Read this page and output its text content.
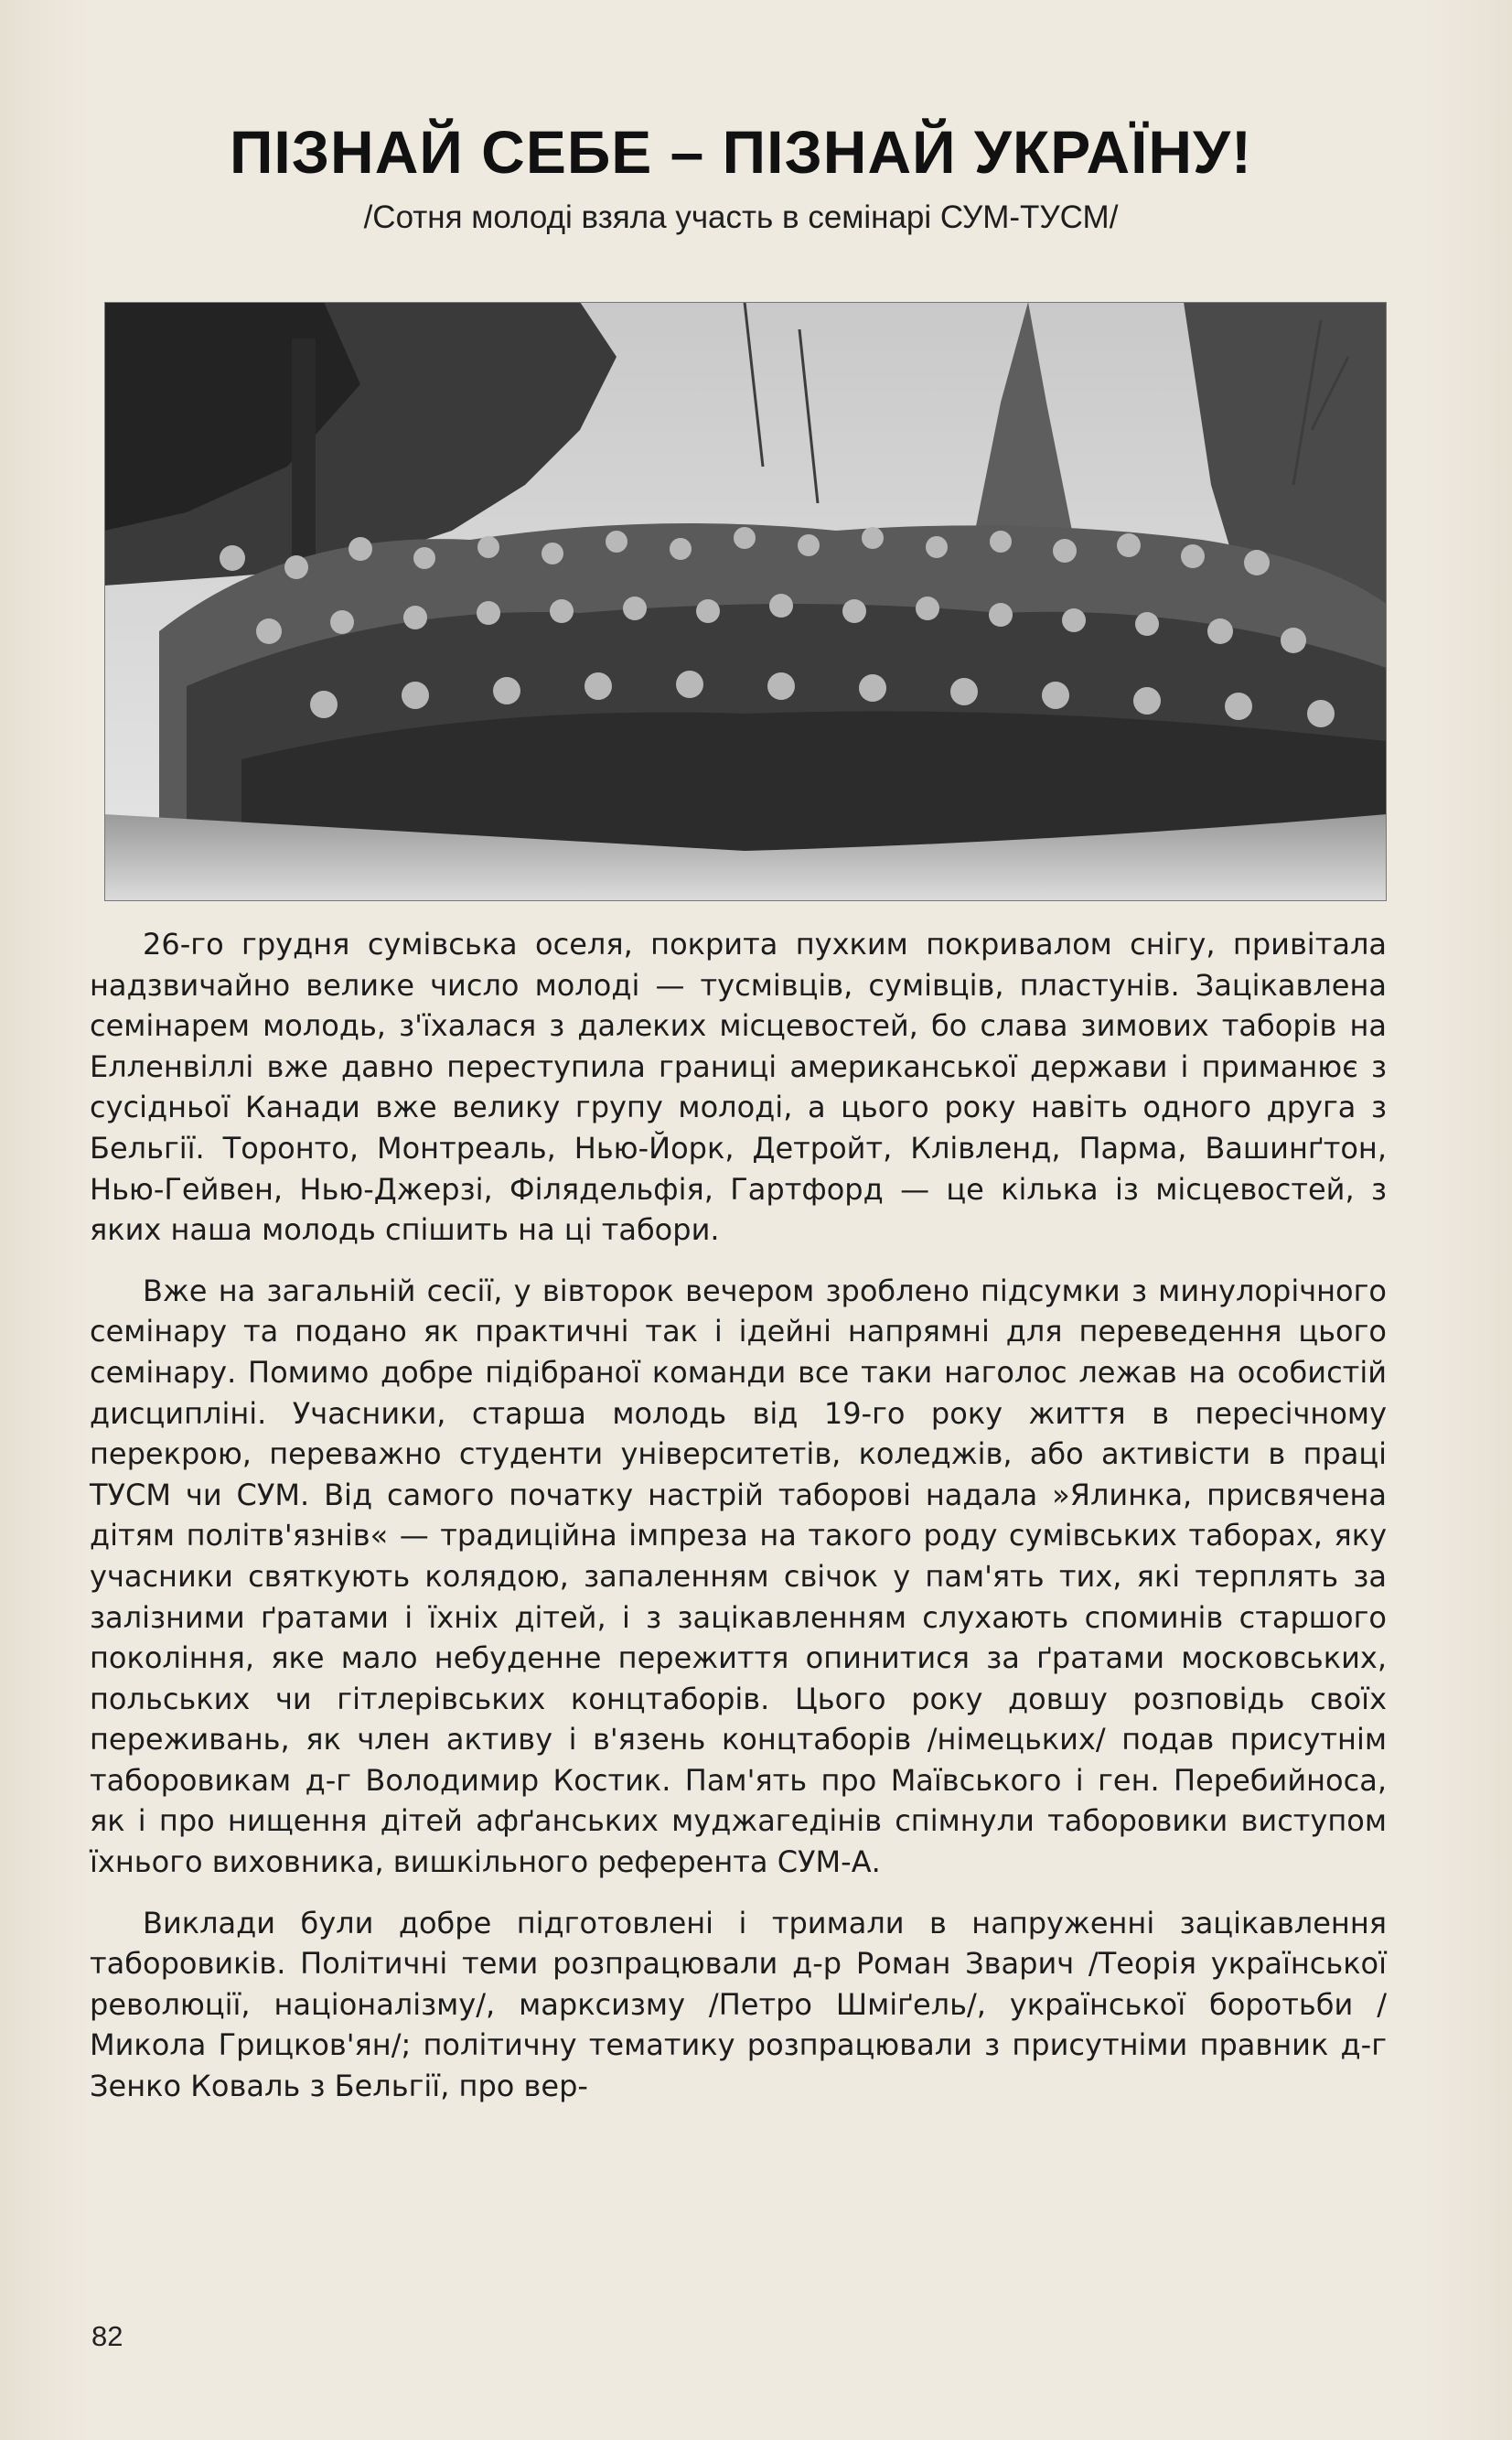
ПІЗНАЙ СЕБЕ – ПІЗНАЙ УКРАЇНУ!
/Сотня молоді взяла участь в семінарі СУМ-ТУСМ/

26-го грудня сумівська оселя, покрита пухким покривалом снігу, привітала надзвичайно велике число молоді — тусмівців, сумівців, пластунів. Зацікавлена семінарем молодь, з'їхалася з далеких місцевостей, бо слава зимових таборів на Елленвіллі вже давно переступила границі американської держави і приманює з сусідньої Канади вже велику групу молоді, а цього року навіть одного друга з Бельгії. Торонто, Монтреаль, Нью-Йорк, Детройт, Клівленд, Парма, Вашинґтон, Нью-Гейвен, Нью-Джерзі, Філядельфія, Гартфорд — це кілька із місцевостей, з яких наша молодь спішить на ці табори.

Вже на загальній сесії, у вівторок вечером зроблено підсумки з минулорічного семінару та подано як практичні так і ідейні напрямні для переведення цього семінару. Помимо добре підібраної команди все таки наголос лежав на особистій дисципліні. Учасники, старша молодь від 19-го року життя в пересічному перекрою, переважно студенти університетів, коледжів, або активісти в праці ТУСМ чи СУМ. Від самого початку настрій таборові надала »Ялинка, присвячена дітям політв'язнів« — традиційна імпреза на такого роду сумівських таборах, яку учасники святкують колядою, запаленням свічок у пам'ять тих, які терплять за залізними ґратами і їхніх дітей, і з зацікавленням слухають споминів старшого покоління, яке мало небуденне пережиття опинитися за ґратами московських, польських чи гітлерівських концтаборів. Цього року довшу розповідь своїх переживань, як член активу і в'язень концтаборів /німецьких/ подав присутнім таборовикам д-г Володимир Костик. Пам'ять про Маївського і ген. Перебийноса, як і про нищення дітей афґанських муджагедінів спімнули таборовики виступом їхнього виховника, вишкільного референта СУМ-А.

Виклади були добре підготовлені і тримали в напруженні зацікавлення таборовиків. Політичні теми розпрацювали д-р Роман Зварич /Теорія української революції, націоналізму/, марксизму /Петро Шміґель/, української боротьби /Микола Грицков'ян/; політичну тематику розпрацювали з присутніми правник д-г Зенко Коваль з Бельгії, про вер-

82
